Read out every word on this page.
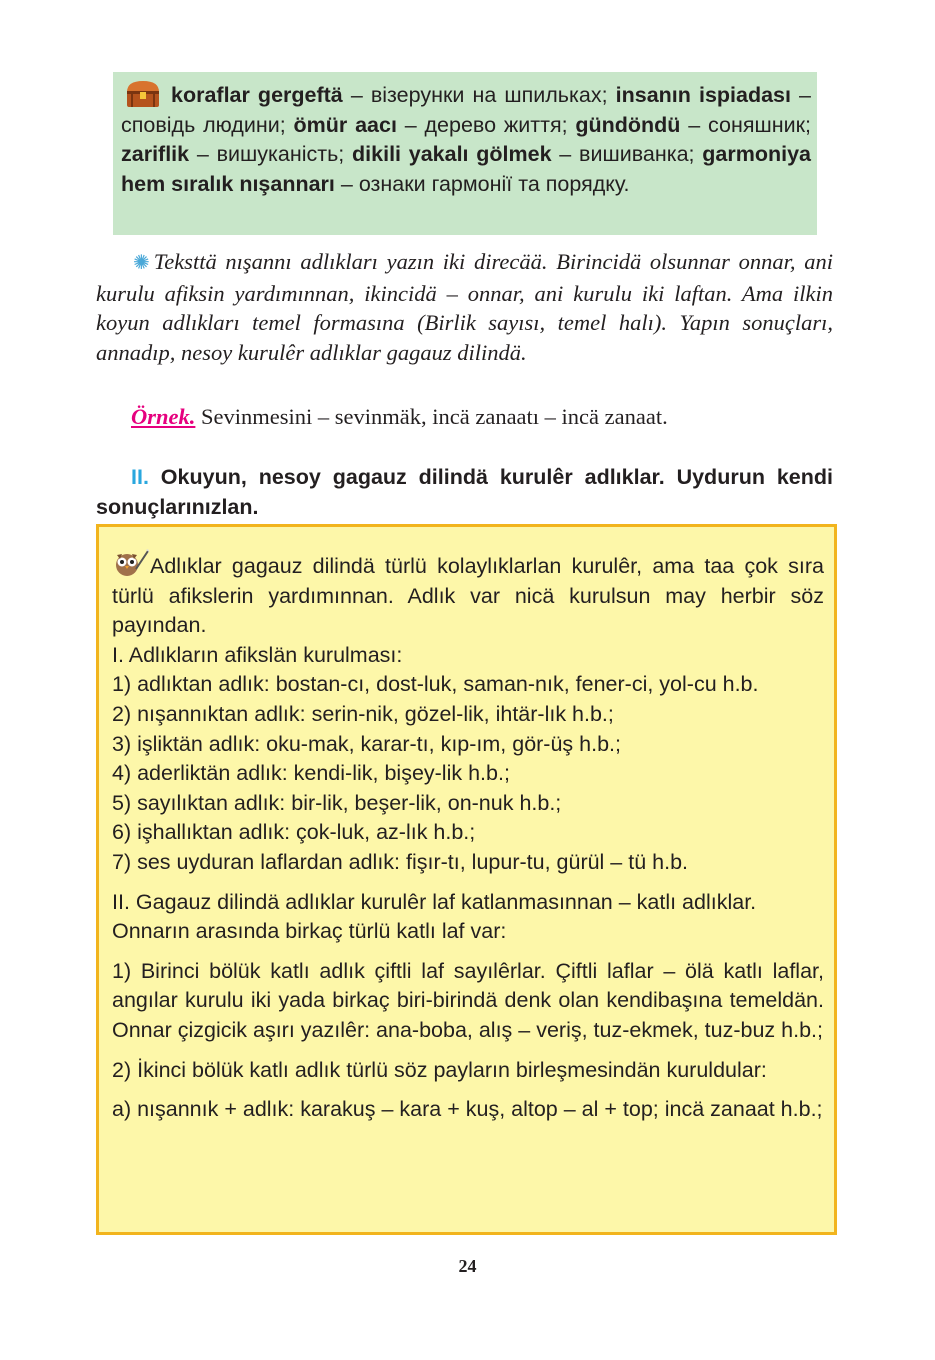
koraflar gergeftä – візерунки на шпильках; insanın ispiadası – сповідь людини; ömür aacı – дерево життя; gündöndü – соняшник; zariflik – вишуканість; dikili yakalı gölmek – вишиванка; garmoniya hem sıralık nışannarı – ознаки гармонії та порядку.

✺ Teksttä nışannı adlıkları yazın iki direcää. Birincidä olsunnar onnar, ani kurulu afiksin yardımınnan, ikincidä – onnar, ani kurulu iki laftan. Ama ilkin koyun adlıkları temel formasına (Birlik sayısı, temel halı). Yapın sonuçları, annadıp, nesoy kurulêr adlıklar gagauz dilindä.

Örnek. Sevinmesini – sevinmäk, incä zanaatı – incä zanaat.

II. Okuyun, nesoy gagauz dilindä kurulêr adlıklar. Uydurun kendi sonuçlarınızlan.

Adlıklar gagauz dilindä türlü kolaylıklarlan kurulêr, ama taa çok sıra türlü afikslerin yardımınnan. Adlık var nicä kurulsun may herbir söz payından.

I. Adlıkların afikslän kurulması:

1) adlıktan adlık: bostan-cı, dost-luk, saman-nık, fener-ci, yol-cu h.b.

2) nışannıktan adlık: serin-nik, gözel-lik, ihtär-lık h.b.;

3) işliktän adlık: oku-mak, karar-tı, kıp-ım, gör-üş h.b.;

4) aderliktän adlık: kendi-lik, bişey-lik h.b.;

5) sayılıktan adlık: bir-lik, beşer-lik, on-nuk h.b.;

6) işhallıktan adlık: çok-luk, az-lık h.b.;

7) ses uyduran laflardan adlık: fişır-tı, lupur-tu, gürül – tü h.b.

II. Gagauz dilindä adlıklar kurulêr laf katlanmasınnan – katlı adlıklar.

Onnarın arasında birkaç türlü katlı laf var:

1) Birinci bölük katlı adlık çiftli laf sayılêrlar. Çiftli laflar – ölä katlı laflar, angılar kurulu iki yada birkaç biri-birindä denk olan kendibaşına temeldän. Onnar çizgicik aşırı yazılêr: ana-boba, alış – veriş, tuz-ekmek, tuz-buz h.b.;

2) İkinci bölük katlı adlık türlü söz payların birleşmesindän kuruldular:

a) nışannık + adlık: karakuş – kara + kuş, altop – al + top; incä zanaat h.b.;

24
